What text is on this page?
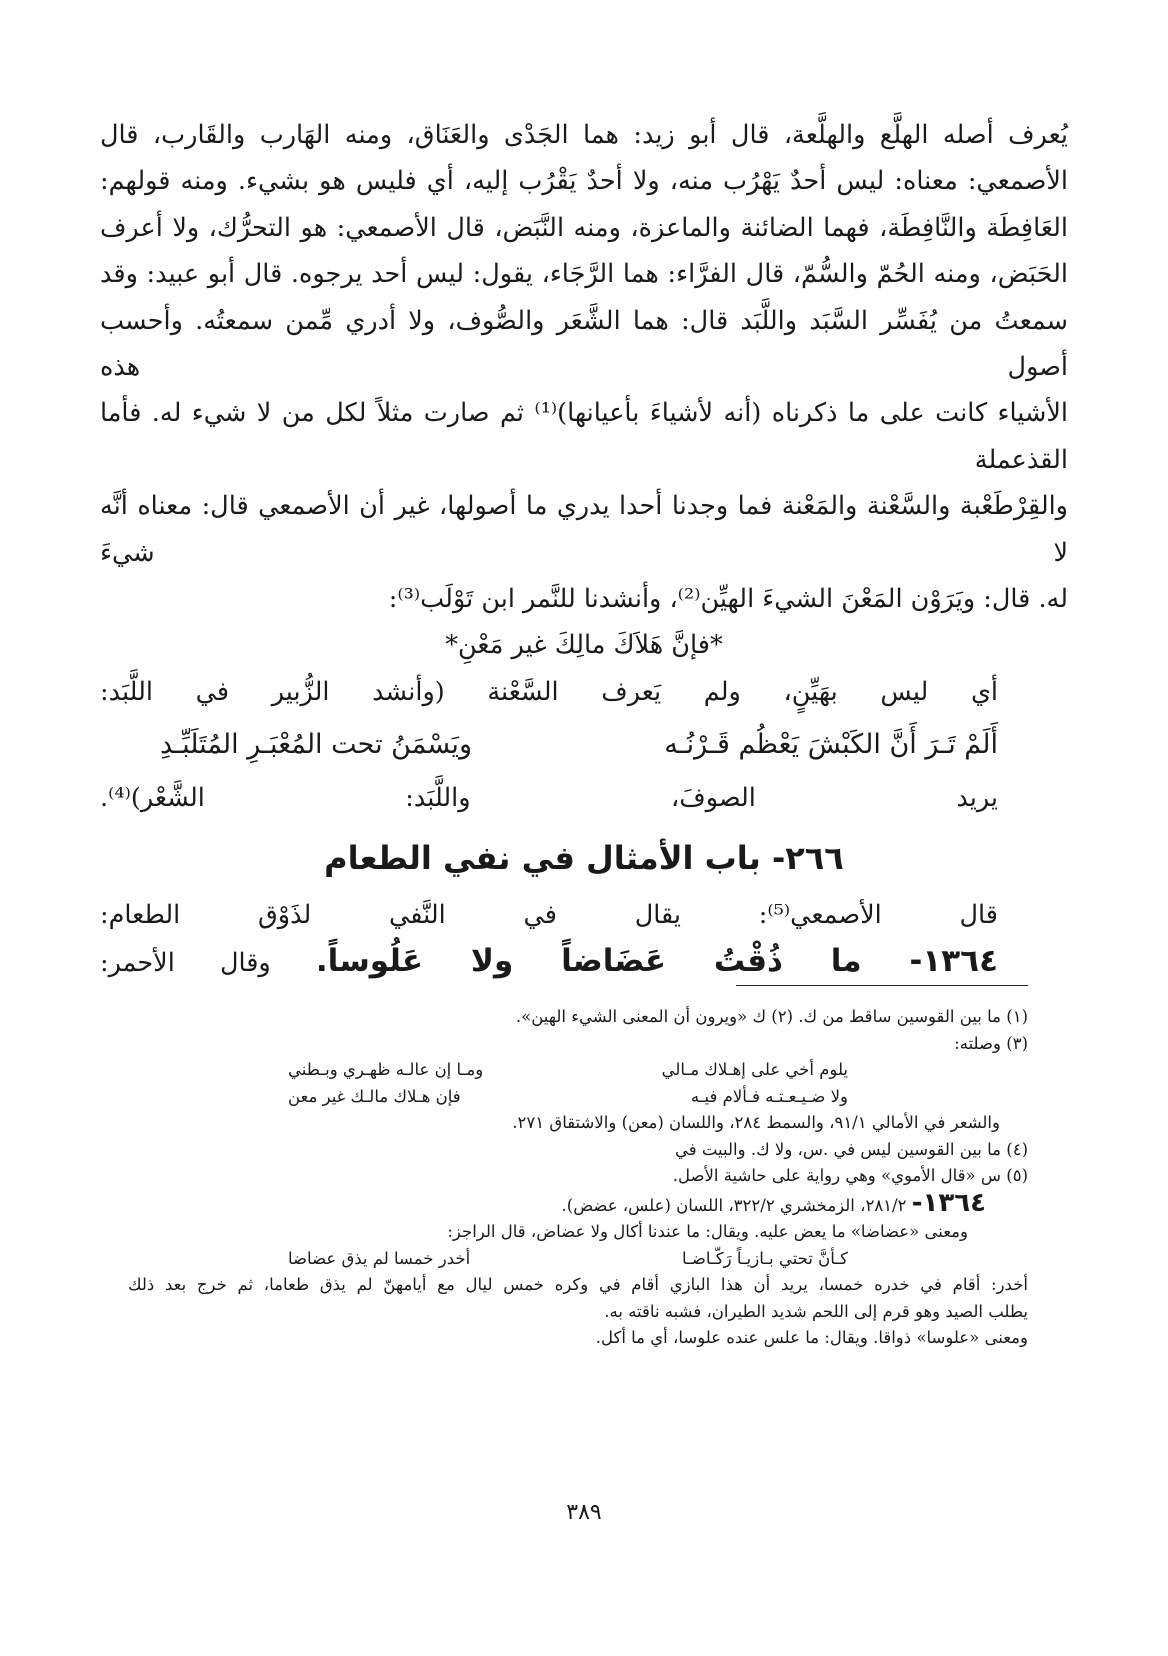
يُعرف أصله الهلَّع والهلَّعة، قال أبو زيد: هما الجَدْى والعَنَاق، ومنه الهَارب والقَارب، قال

الأصمعي: معناه: ليس أحدٌ يَهْرُب منه، ولا أحدٌ يَقْرُب إليه، أي فليس هو بشيء. ومنه قولهم:

العَافِطَة والنَّافِطَة، فهما الضائنة والماعزة، ومنه النَّبَض، قال الأصمعي: هو التحرُّك، ولا أعرف

الحَبَض، ومنه الحُمّ والسُّمّ، قال الفرَّاء: هما الرَّجَاء، يقول: ليس أحد يرجوه. قال أبو عبيد: وقد

سمعتُ من يُفَسِّر السَّبَد واللَّبَد قال: هما الشَّعَر والصُّوف، ولا أدري مِّمن سمعتُه. وأحسب أصول هذه

الأشياء كانت على ما ذكرناه (أنه لأشياءَ بأعيانها)⁽¹⁾ ثم صارت مثلاً لكل من لا شيء له. فأما القذعملة

والقِرْطَعْبة والسَّعْنة والمَعْنة فما وجدنا أحدا يدري ما أصولها، غير أن الأصمعي قال: معناه أنَّه لا شيءَ

له. قال: ويَرَوْن المَعْنَ الشيءَ الهيِّن⁽²⁾، وأنشدنا للنَّمر ابن تَوْلَب⁽³⁾:

*فإنَّ هَلاَكَ مالِكَ غير مَعْنِ*

أي ليس بهَيِّنٍ، ولم يَعرف السَّعْنة (وأنشد الزُّبير في اللَّبَد:

أَلَمْ تَـرَ أَنَّ الكَبْشَ يَعْظُم قَـرْنُـه
ويَسْمَنُ تحت المُعْبَـرِ المُتَلَبِّـدِ

يريد الصوفَ، واللَّبَد: الشَّعْر)⁽⁴⁾.

٢٦٦- باب الأمثال في نفي الطعام

قال الأصمعي⁽⁵⁾: يقال في النَّفي لذَوْق الطعام:

١٣٦٤- ما ذُقْتُ عَضَاضاً ولا عَلُوساً. وقال الأحمر:

(١) ما بين القوسين ساقط من ك. (٢) ك «ويرون أن المعنى الشيء الهين».

(٣) وصلته:

يلوم أخي على إهـلاك مـالي
ومـا إن عالـه ظهـري وبـطني
ولا ضـيـعـتـه فـألام فيـه
فإن هـلاك مالـك غير معن

والشعر في الأمالي ٩١/١، والسمط ٢٨٤، واللسان (معن) والاشتقاق ٢٧١.

(٤) ما بين القوسين ليس في .س، ولا ك. والبيت في

(٥) س «قال الأموي» وهي رواية على حاشية الأصل.

١٣٦٤- ٢٨١/٢، الزمخشري ٣٢٢/٢، اللسان (علس، عضض).

ومعنى «عضاضا» ما يعض عليه. ويقال: ما عندنا أكال ولا عضاض، قال الراجز:

كـأنَّ تحتي بـازيـاً رَكّـاضـا
أخدر خمسا لم يذق عضاضا

أخدر: أقام في خدره خمسا، يريد أن هذا البازي أقام في وكره خمس ليال مع أيامهنّ لم يذق طعاما، ثم خرج بعد ذلك

يطلب الصيد وهو قرم إلى اللحم شديد الطيران، فشبه ناقته به.

ومعنى «علوسا» ذواقا. ويقال: ما علس عنده علوسا، أي ما أكل.

٣٨٩
